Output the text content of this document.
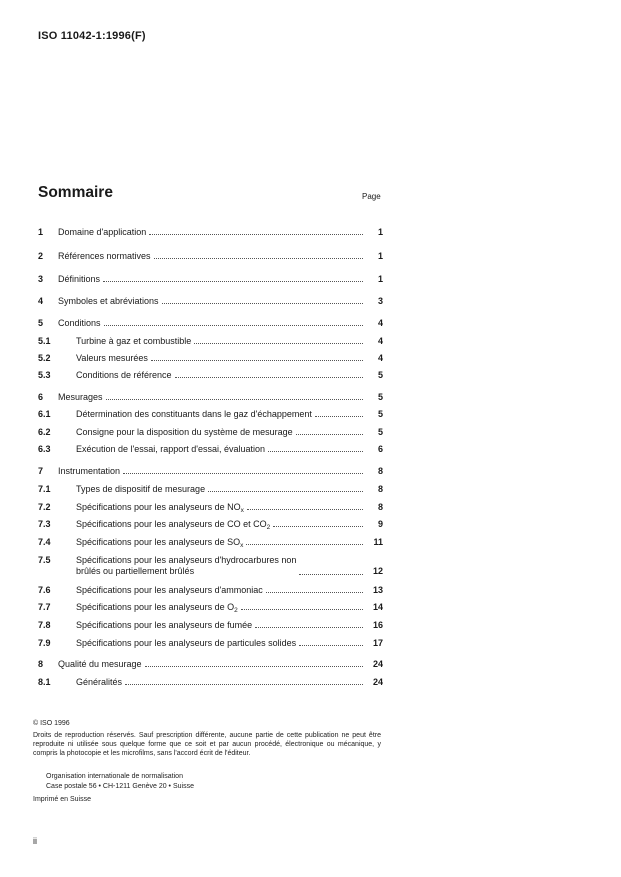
ISO 11042-1:1996(F)
Sommaire	Page
1 Domaine d'application	1
2 Références normatives	1
3 Définitions	1
4 Symboles et abréviations	3
5 Conditions	4
5.1	Turbine à gaz et combustible	4
5.2	Valeurs mesurées	4
5.3	Conditions de référence	5
6 Mesurages	5
6.1	Détermination des constituants dans le gaz d'échappement	5
6.2	Consigne pour la disposition du système de mesurage	5
6.3	Exécution de l'essai, rapport d'essai, évaluation	6
7 Instrumentation	8
7.1	Types de dispositif de mesurage	8
7.2	Spécifications pour les analyseurs de $NO_x$	8
7.3	Spécifications pour les analyseurs de CO et $CO_2$	9
7.4	Spécifications pour les analyseurs de $SO_x$	11
7.5	Spécifications pour les analyseurs d'hydrocarbures non
brûlés ou partiellement brûlés	12
7.6	Spécifications pour les analyseurs d'ammoniac	13
7.7	Spécifications pour les analyseurs de $O_2$	14
7.8	Spécifications pour les analyseurs de fumée	16
7.9	Spécifications pour les analyseurs de particules solides	17
8 Qualité du mesurage	24
8.1	Généralités	24
© ISO 1996
Droits de reproduction réservés. Sauf prescription différente, aucune partie de cette publication ne peut être reproduite ni utilisée sous quelque forme que ce soit et par aucun procédé, électronique ou mécanique, y compris la photocopie et les microfilms, sans l'accord écrit de l'éditeur.
Organisation internationale de normalisation
Case postale 56 • CH-1211 Genève 20 • Suisse
Imprimé en Suisse
ii
